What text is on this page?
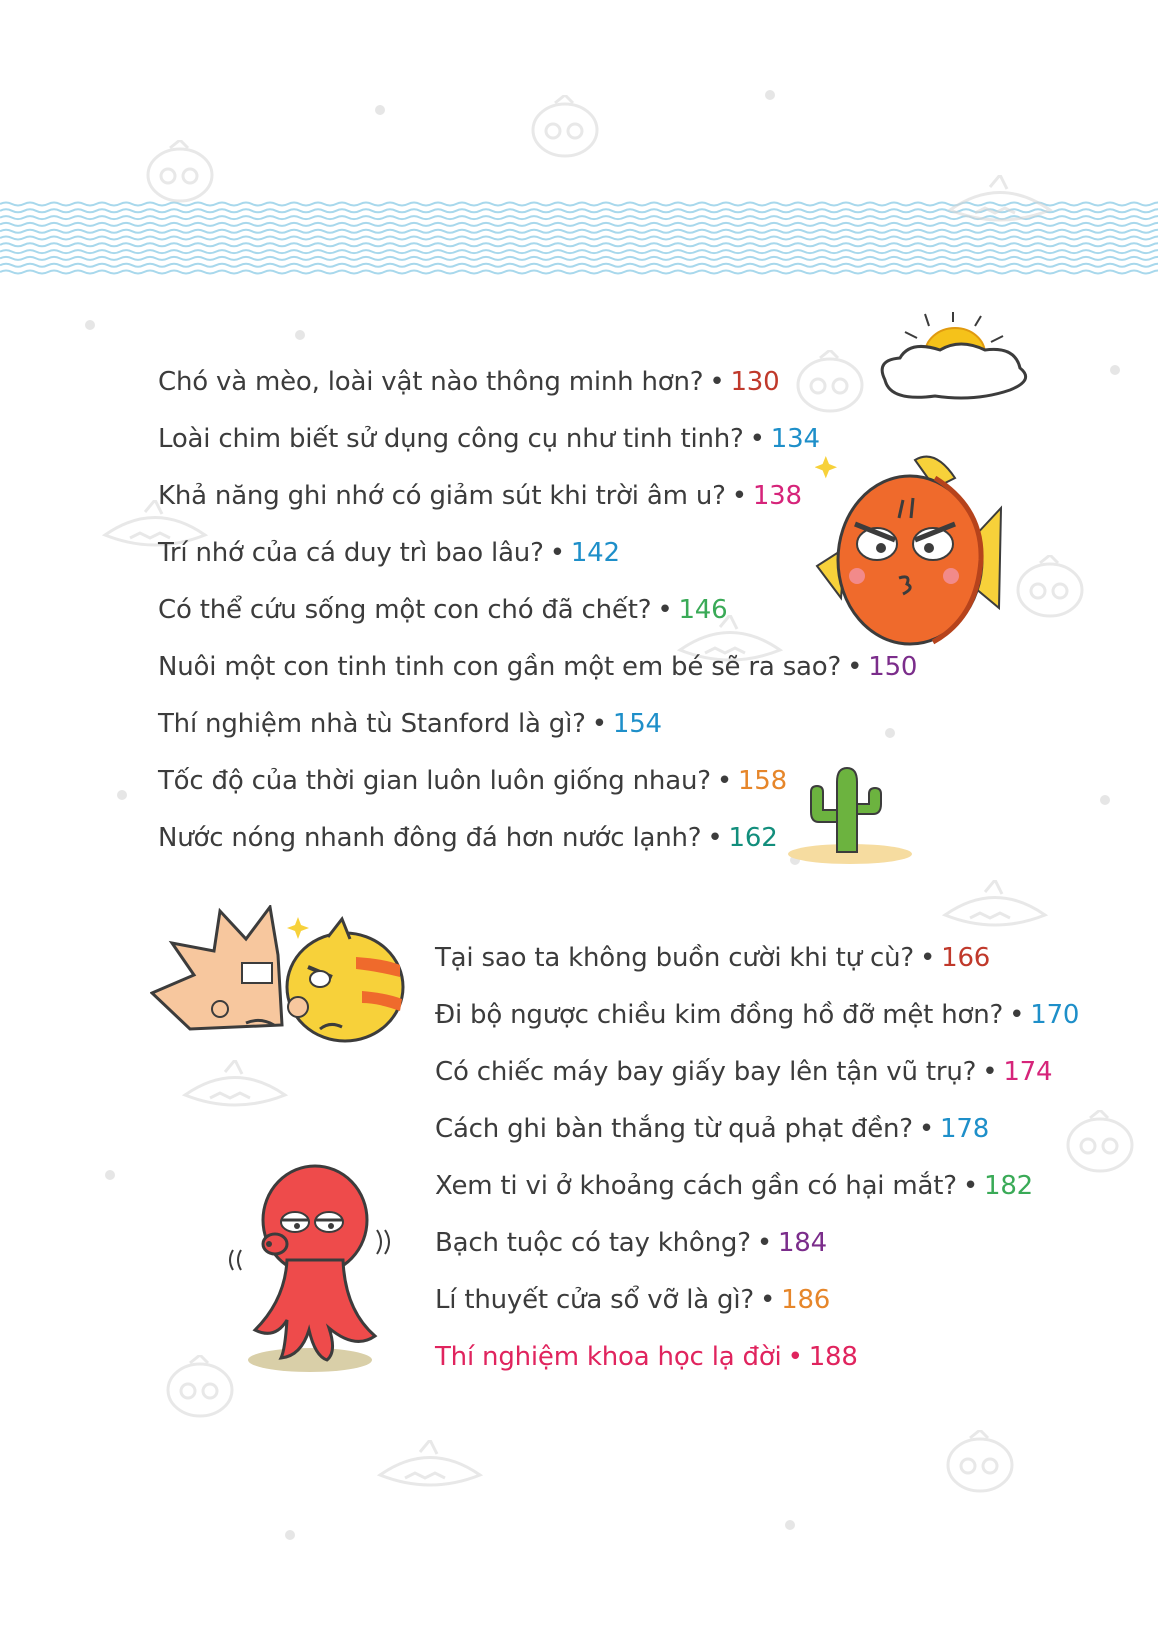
Chó và mèo, loài vật nào thông minh hơn? • 130
Loài chim biết sử dụng công cụ như tinh tinh? • 134
Khả năng ghi nhớ có giảm sút khi trời âm u? • 138
Trí nhớ của cá duy trì bao lâu? • 142
Có thể cứu sống một con chó đã chết? • 146
Nuôi một con tinh tinh con gần một em bé sẽ ra sao? • 150
Thí nghiệm nhà tù Stanford là gì? • 154
Tốc độ của thời gian luôn luôn giống nhau? • 158
Nước nóng nhanh đông đá hơn nước lạnh? • 162
Tại sao ta không buồn cười khi tự cù? • 166
Đi bộ ngược chiều kim đồng hồ đỡ mệt hơn? • 170
Có chiếc máy bay giấy bay lên tận vũ trụ? • 174
Cách ghi bàn thắng từ quả phạt đền? • 178
Xem ti vi ở khoảng cách gần có hại mắt? • 182
Bạch tuộc có tay không? • 184
Lí thuyết cửa sổ vỡ là gì? • 186
Thí nghiệm khoa học lạ đời • 188
